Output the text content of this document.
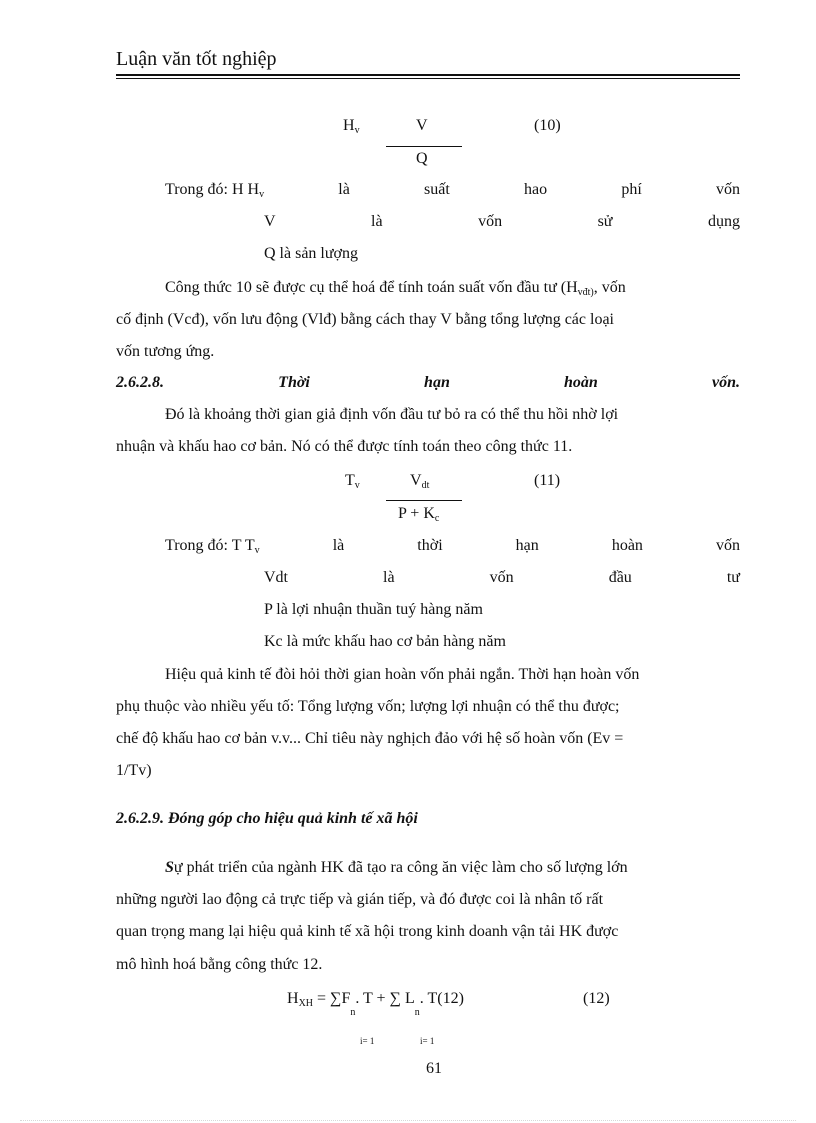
Luận văn tốt nghiệp
$H_v$	V
Q
(10)
Trong đó: H $H_v$	là	suất	hao	phí	vốn
V	là	vốn	sử	dụng
Q là sản lượng
Công thức 10 sẽ được cụ thể hoá để tính toán suất vốn đầu tư ($H_{vđt)}$, vốn
cố định (Vcđ), vốn lưu động (Vlđ) bằng cách thay V bằng tổng lượng các loại
vốn tương ứng.
2.6.2.8.	Thời	hạn	hoàn	vốn.
Đó là khoảng thời gian giả định vốn đầu tư bỏ ra có thể thu hồi nhờ lợi
nhuận và khấu hao cơ bản. Nó có thể được tính toán theo công thức 11.
$T_v$	$V_{dt}$
$P + K_c$
(11)
Trong đó: T $T_v$	là	thời	hạn	hoàn	vốn
Vdt	là	vốn	đầu	tư
P là lợi nhuận thuần tuý hàng năm
Kc là mức khấu hao cơ bản hàng năm
Hiệu quả kinh tế đòi hỏi thời gian hoàn vốn phải ngắn. Thời hạn hoàn vốn
phụ thuộc vào nhiều yếu tố: Tổng lượng vốn; lượng lợi nhuận có thể thu được;
chế độ khấu hao cơ bản v.v... Chỉ tiêu này nghịch đảo với hệ số hoàn vốn (Ev =
1/Tv)
2.6.2.9. Đóng góp cho hiệu quả kinh tế xã hội
Sự phát triển của ngành HK đã tạo ra công ăn việc làm cho số lượng lớn
những người lao động cả trực tiếp và gián tiếp, và đó được coi là nhân tố rất
quan trọng mang lại hiệu quả kinh tế xã hội trong kinh doanh vận tải HK được
mô hình hoá bằng công thức 12.
$H_{XH} = \sum F_n$. T + ∑ $L_n$. T(12)	(12)
i= 1	i= 1
61
